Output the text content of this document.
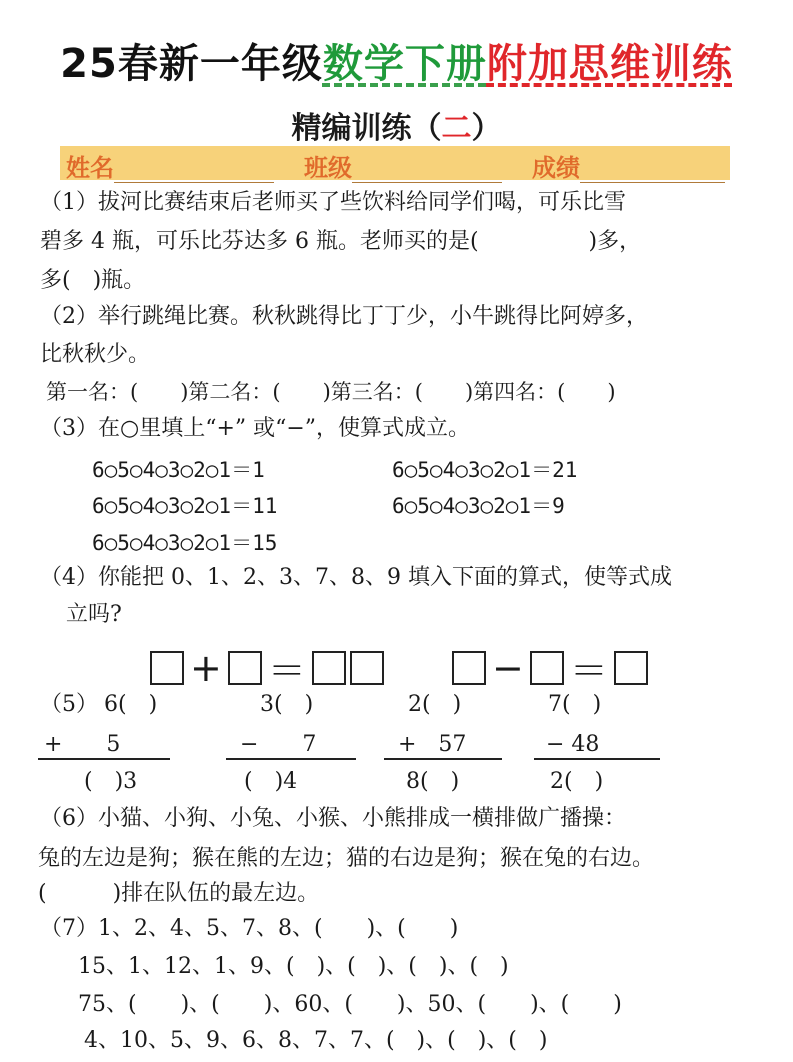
25春新一年级数学下册附加思维训练
精编训练（二）
姓名	班级	成绩
（1）拔河比赛结束后老师买了些饮料给同学们喝，可乐比雪
碧多 4 瓶，可乐比芬达多 6 瓶。老师买的是(　　　　　)多，
多(　)瓶。
（2）举行跳绳比赛。秋秋跳得比丁丁少，小牛跳得比阿婷多，
比秋秋少。
第一名：(　　)第二名：(　　)第三名：(　　)第四名：(　　)
（3）在○里填上“+” 或“−”，使算式成立。
6○5○4○3○2○1＝1	6○5○4○3○2○1＝21
6○5○4○3○2○1＝11	6○5○4○3○2○1＝9
6○5○4○3○2○1＝15
（4）你能把 0、1、2、3、7、8、9 填入下面的算式，使等式成
立吗?
+ ＝	− ＝
（5） 6(　)
+　　5
(　)3
3(　)
−　　7
(　)4
2(　)
+　57
8(　)
7(　)
− 48
2(　)
（6）小猫、小狗、小兔、小猴、小熊排成一横排做广播操：
兔的左边是狗；猴在熊的左边；猫的右边是狗；猴在兔的右边。
(　　　)排在队伍的最左边。
（7）1、2、4、5、7、8、(　　)、(　　)
15、1、12、1、9、(　)、(　)、(　)、(　)
75、(　　)、(　　)、60、(　　)、50、(　　)、(　　)
4、10、5、9、6、8、7、7、(　)、(　)、(　)
